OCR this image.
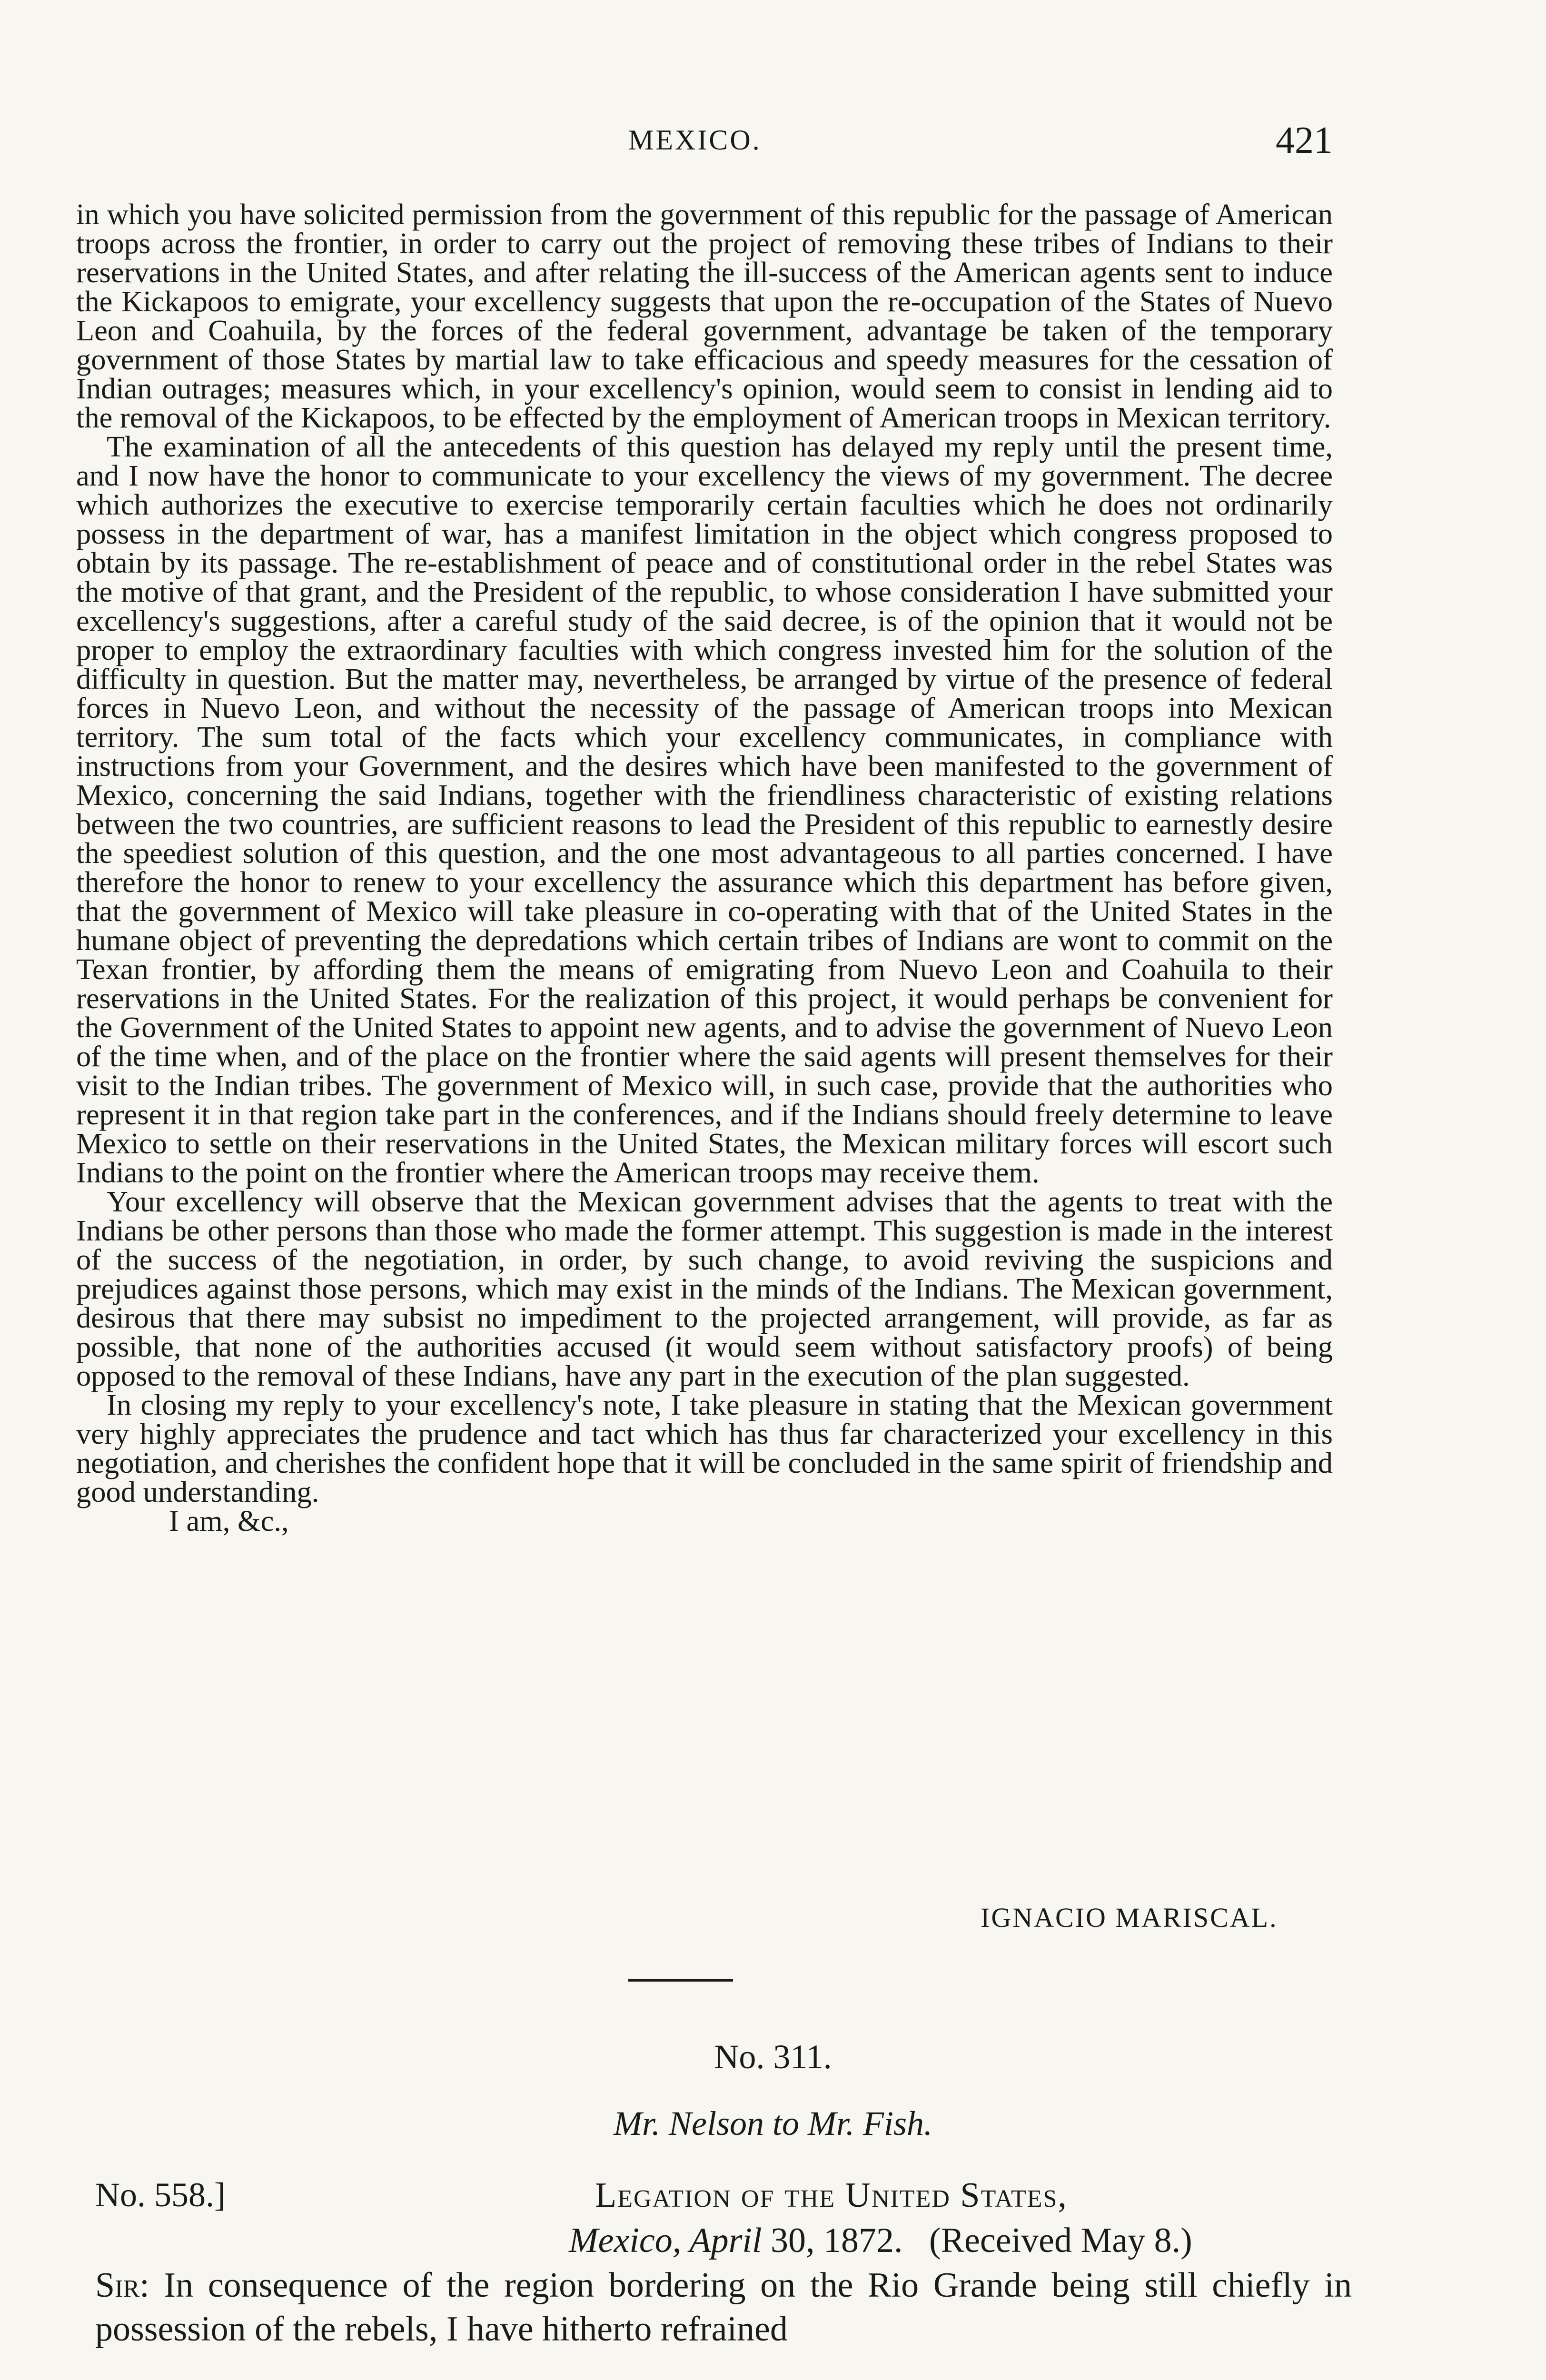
MEXICO.	421

in which you have solicited permission from the government of this republic for the passage of American troops across the frontier, in order to carry out the project of removing these tribes of Indians to their reservations in the United States, and after relating the ill-success of the American agents sent to induce the Kickapoos to emigrate, your excellency suggests that upon the re-occupation of the States of Nuevo Leon and Coahuila, by the forces of the federal government, advantage be taken of the temporary government of those States by martial law to take efficacious and speedy measures for the cessation of Indian outrages; measures which, in your excellency's opinion, would seem to consist in lending aid to the removal of the Kickapoos, to be effected by the employment of American troops in Mexican territory.

The examination of all the antecedents of this question has delayed my reply until the present time, and I now have the honor to communicate to your excellency the views of my government. The decree which authorizes the executive to exercise temporarily certain faculties which he does not ordinarily possess in the department of war, has a manifest limitation in the object which congress proposed to obtain by its passage. The re-establishment of peace and of constitutional order in the rebel States was the motive of that grant, and the President of the republic, to whose consideration I have submitted your excellency's suggestions, after a careful study of the said decree, is of the opinion that it would not be proper to employ the extraordinary faculties with which congress invested him for the solution of the difficulty in question. But the matter may, nevertheless, be arranged by virtue of the presence of federal forces in Nuevo Leon, and without the necessity of the passage of American troops into Mexican territory. The sum total of the facts which your excellency communicates, in compliance with instructions from your Government, and the desires which have been manifested to the government of Mexico, concerning the said Indians, together with the friendliness characteristic of existing relations between the two countries, are sufficient reasons to lead the President of this republic to earnestly desire the speediest solution of this question, and the one most advantageous to all parties concerned. I have therefore the honor to renew to your excellency the assurance which this department has before given, that the government of Mexico will take pleasure in co-operating with that of the United States in the humane object of preventing the depredations which certain tribes of Indians are wont to commit on the Texan frontier, by affording them the means of emigrating from Nuevo Leon and Coahuila to their reservations in the United States. For the realization of this project, it would perhaps be convenient for the Government of the United States to appoint new agents, and to advise the government of Nuevo Leon of the time when, and of the place on the frontier where the said agents will present themselves for their visit to the Indian tribes. The government of Mexico will, in such case, provide that the authorities who represent it in that region take part in the conferences, and if the Indians should freely determine to leave Mexico to settle on their reservations in the United States, the Mexican military forces will escort such Indians to the point on the frontier where the American troops may receive them.

Your excellency will observe that the Mexican government advises that the agents to treat with the Indians be other persons than those who made the former attempt. This suggestion is made in the interest of the success of the negotiation, in order, by such change, to avoid reviving the suspicions and prejudices against those persons, which may exist in the minds of the Indians. The Mexican government, desirous that there may subsist no impediment to the projected arrangement, will provide, as far as possible, that none of the authorities accused (it would seem without satisfactory proofs) of being opposed to the removal of these Indians, have any part in the execution of the plan suggested.

In closing my reply to your excellency's note, I take pleasure in stating that the Mexican government very highly appreciates the prudence and tact which has thus far characterized your excellency in this negotiation, and cherishes the confident hope that it will be concluded in the same spirit of friendship and good understanding.

I am, &c.,

IGNACIO MARISCAL.
No. 311.
Mr. Nelson to Mr. Fish.
No. 558.]	Legation of the United States,
Mexico, April 30, 1872. (Received May 8.)
Sir: In consequence of the region bordering on the Rio Grande being still chiefly in possession of the rebels, I have hitherto refrained
